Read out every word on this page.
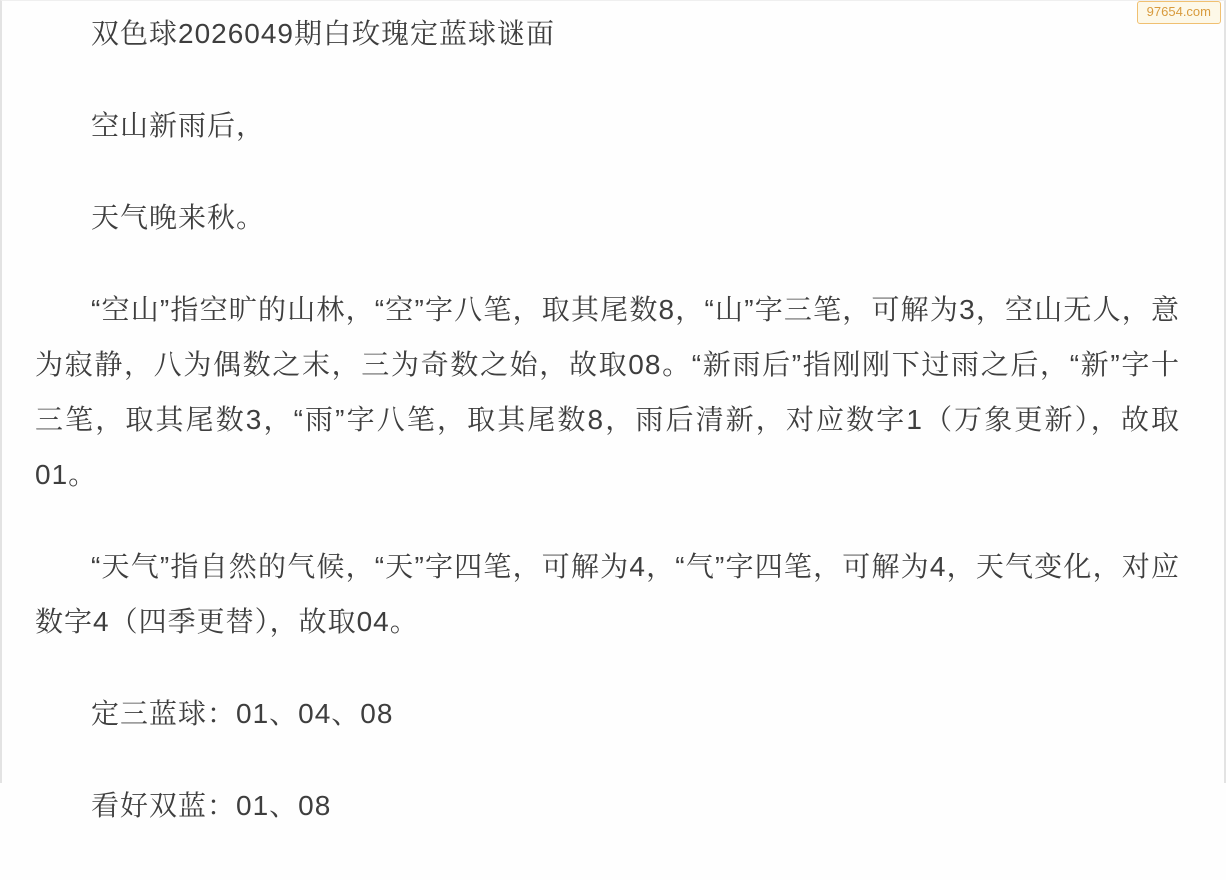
97654.com

双色球2026049期白玫瑰定蓝球谜面

空山新雨后，

天气晚来秋。

“空山”指空旷的山林，“空”字八笔，取其尾数8，“山”字三笔，可解为3，空山无人，意为寂静，八为偶数之末，三为奇数之始，故取08。“新雨后”指刚刚下过雨之后，“新”字十三笔，取其尾数3，“雨”字八笔，取其尾数8，雨后清新，对应数字1（万象更新），故取01。

“天气”指自然的气候，“天”字四笔，可解为4，“气”字四笔，可解为4，天气变化，对应数字4（四季更替），故取04。

定三蓝球：01、04、08

看好双蓝：01、08
